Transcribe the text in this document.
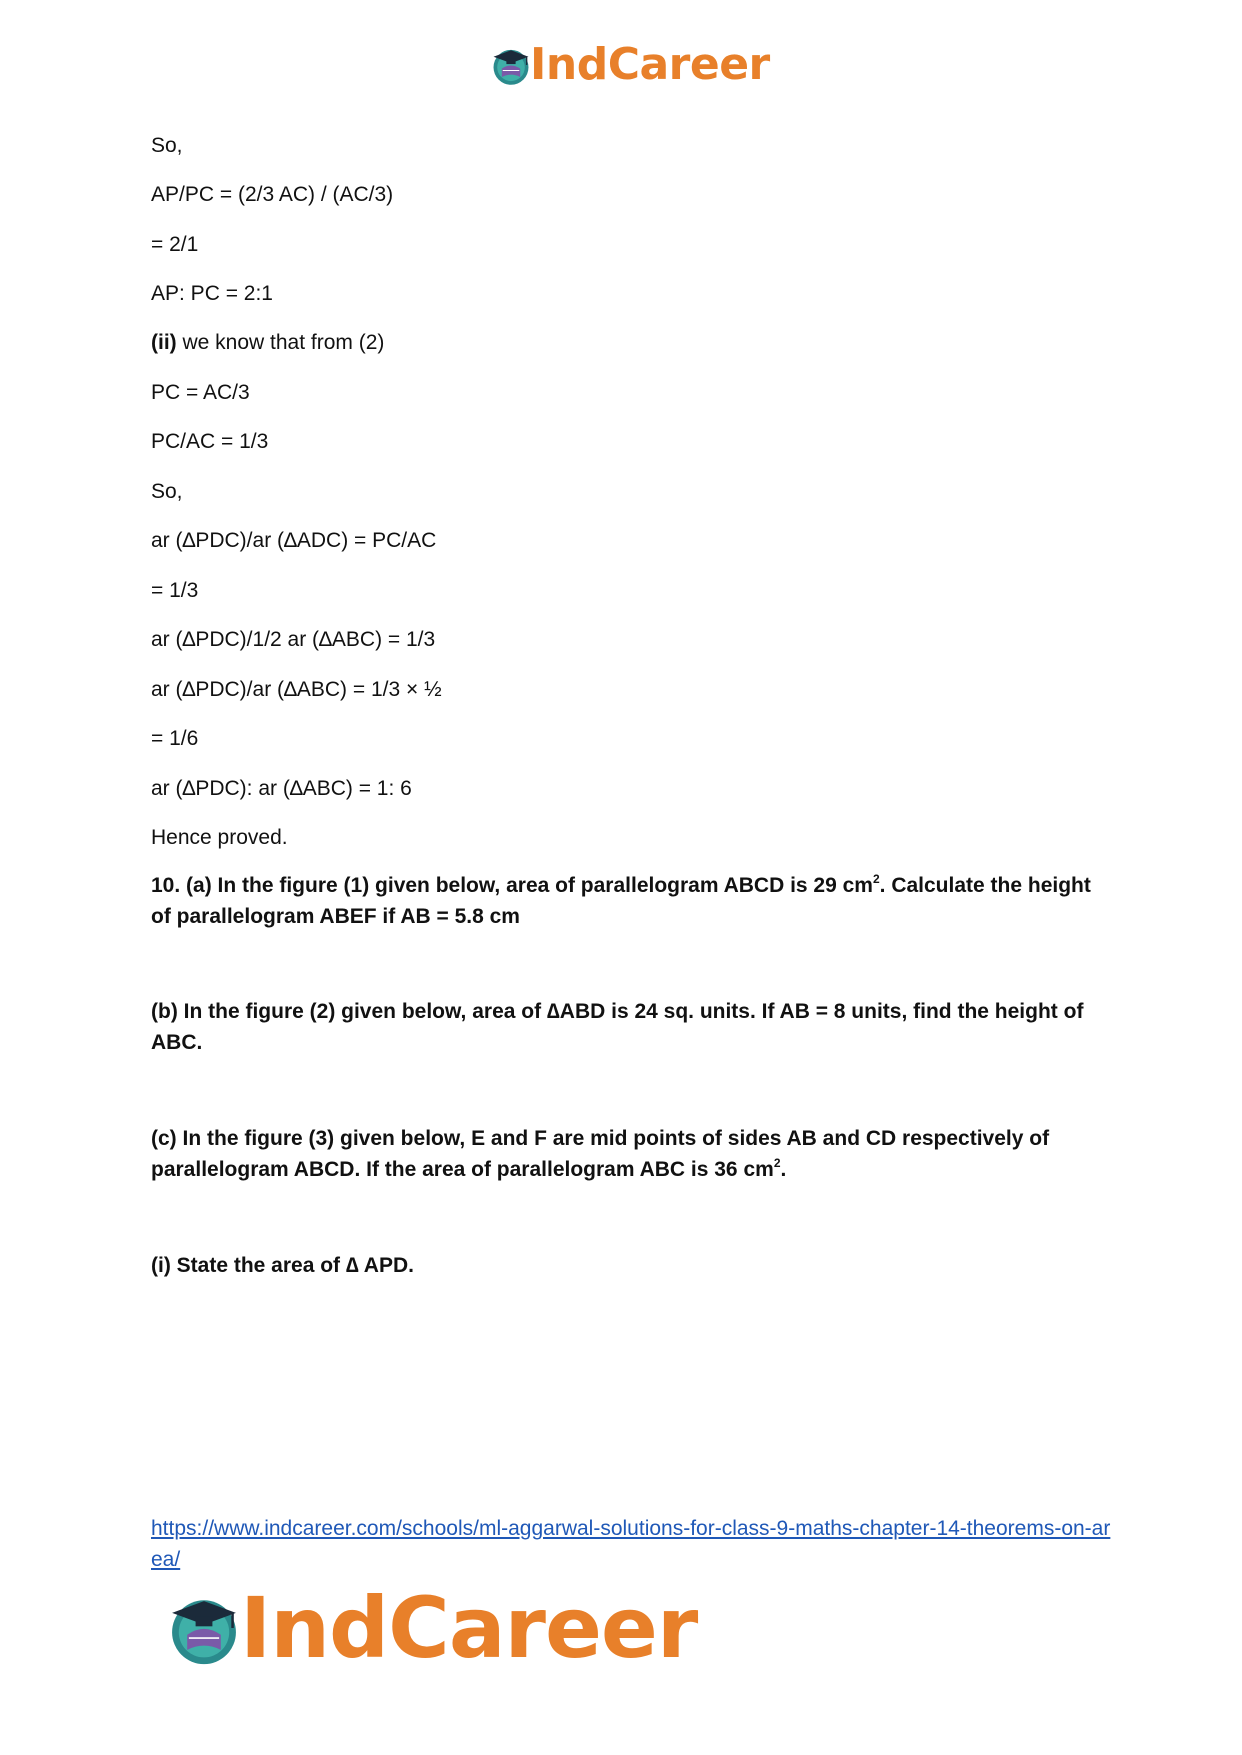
IndCareer
So,
AP/PC = (2/3 AC) / (AC/3)
= 2/1
AP: PC = 2:1
(ii) we know that from (2)
PC = AC/3
PC/AC = 1/3
So,
ar (∆PDC)/ar (∆ADC) = PC/AC
= 1/3
ar (∆PDC)/1/2 ar (∆ABC) = 1/3
ar (∆PDC)/ar (∆ABC) = 1/3 × ½
= 1/6
ar (∆PDC): ar (∆ABC) = 1: 6
Hence proved.
10. (a) In the figure (1) given below, area of parallelogram ABCD is 29 $cm^2$. Calculate the height of parallelogram ABEF if AB = 5.8 cm
(b) In the figure (2) given below, area of ∆ABD is 24 sq. units. If AB = 8 units, find the height of ABC.
(c) In the figure (3) given below, E and F are mid points of sides AB and CD respectively of parallelogram ABCD. If the area of parallelogram ABC is 36 $cm^2$.
(i) State the area of ∆ APD.
https://www.indcareer.com/schools/ml-aggarwal-solutions-for-class-9-maths-chapter-14-theorems-on-area/
IndCareer
